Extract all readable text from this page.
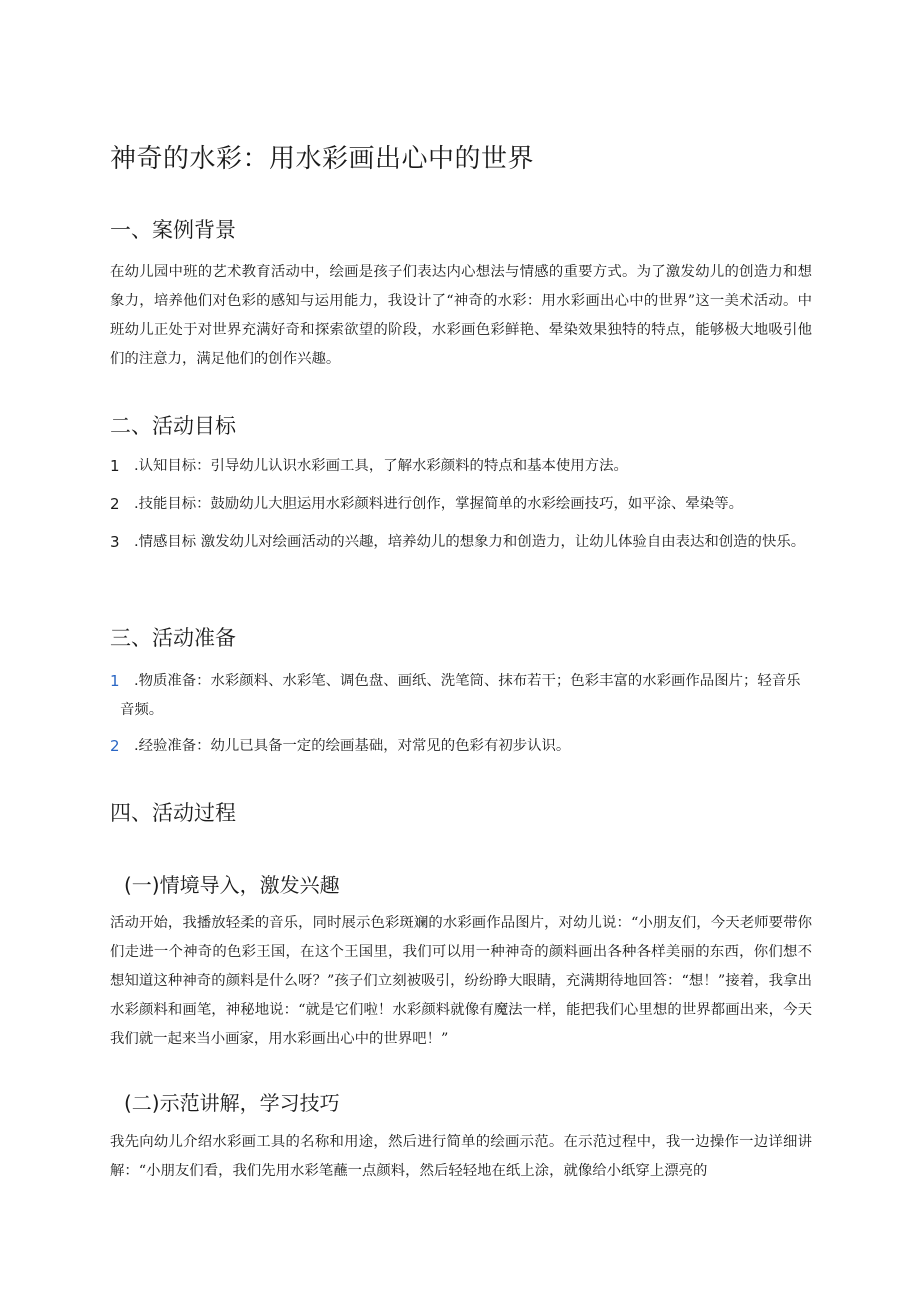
神奇的水彩：用水彩画出心中的世界
一、案例背景

在幼儿园中班的艺术教育活动中，绘画是孩子们表达内心想法与情感的重要方式。为了激发幼儿的创造力和想象力，培养他们对色彩的感知与运用能力，我设计了“神奇的水彩：用水彩画出心中的世界”这一美术活动。中班幼儿正处于对世界充满好奇和探索欲望的阶段，水彩画色彩鲜艳、晕染效果独特的特点，能够极大地吸引他们的注意力，满足他们的创作兴趣。

二、活动目标
1	.认知目标：引导幼儿认识水彩画工具，了解水彩颜料的特点和基本使用方法。
2	.技能目标：鼓励幼儿大胆运用水彩颜料进行创作，掌握简单的水彩绘画技巧，如平涂、晕染等。
3	.情感目标 激发幼儿对绘画活动的兴趣，培养幼儿的想象力和创造力，让幼儿体验自由表达和创造的快乐。
三、活动准备
1	.物质准备：水彩颜料、水彩笔、调色盘、画纸、洗笔筒、抹布若干；色彩丰富的水彩画作品图片；轻音乐音频。
2	.经验准备：幼儿已具备一定的绘画基础，对常见的色彩有初步认识。
四、活动过程
(一)情境导入，激发兴趣

活动开始，我播放轻柔的音乐，同时展示色彩斑斓的水彩画作品图片，对幼儿说：“小朋友们，今天老师要带你们走进一个神奇的色彩王国，在这个王国里，我们可以用一种神奇的颜料画出各种各样美丽的东西，你们想不想知道这种神奇的颜料是什么呀？”孩子们立刻被吸引，纷纷睁大眼睛，充满期待地回答：“想！”接着，我拿出水彩颜料和画笔，神秘地说：“就是它们啦！水彩颜料就像有魔法一样，能把我们心里想的世界都画出来，今天我们就一起来当小画家，用水彩画出心中的世界吧！”

(二)示范讲解，学习技巧

我先向幼儿介绍水彩画工具的名称和用途，然后进行简单的绘画示范。在示范过程中，我一边操作一边详细讲解：“小朋友们看，我们先用水彩笔蘸一点颜料，然后轻轻地在纸上涂，就像给小纸穿上漂亮的
